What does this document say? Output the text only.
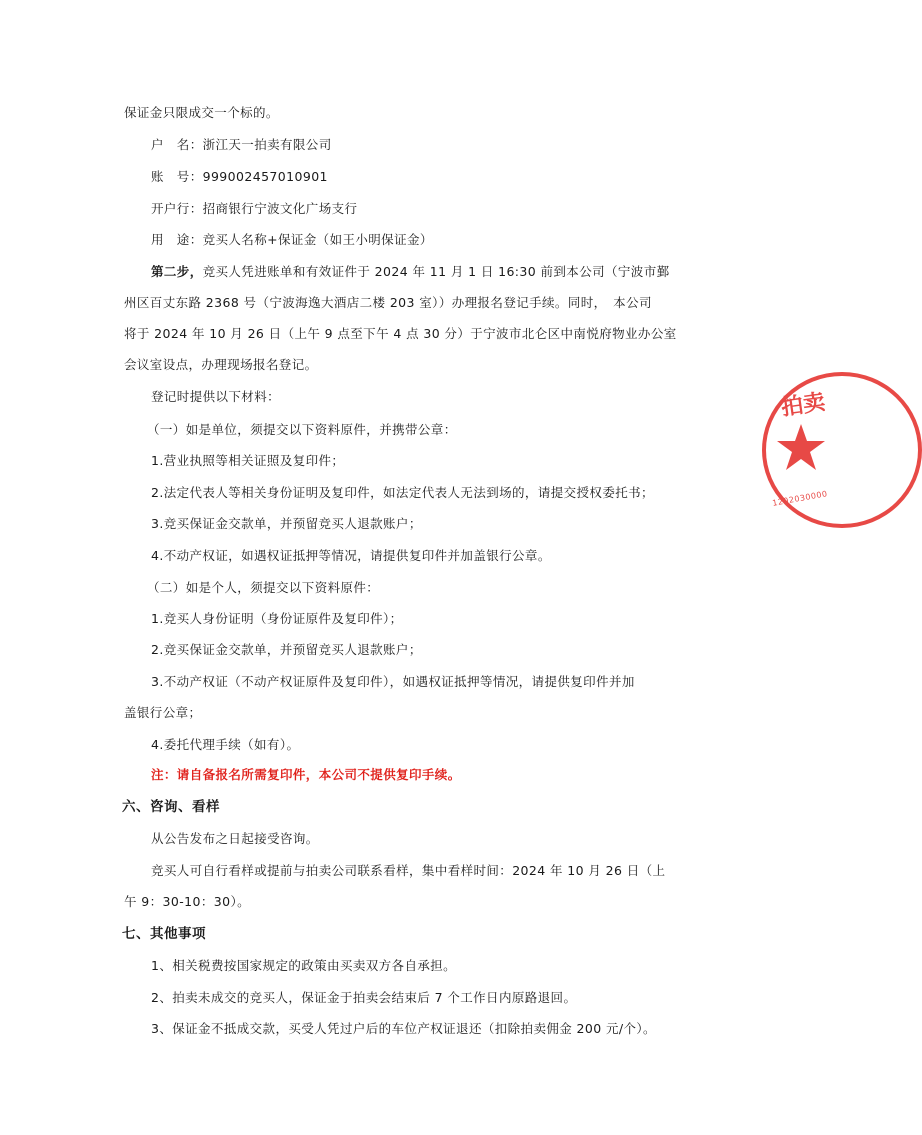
保证金只限成交一个标的。
户　名：浙江天一拍卖有限公司
账　号：999002457010901
开户行：招商银行宁波文化广场支行
用　途：竞买人名称+保证金（如王小明保证金）
第二步，竞买人凭进账单和有效证件于 2024 年 11 月 1 日 16:30 前到本公司（宁波市鄞
州区百丈东路 2368 号（宁波海逸大酒店二楼 203 室））办理报名登记手续。同时，　本公司
将于 2024 年 10 月 26 日（上午 9 点至下午 4 点 30 分）于宁波市北仑区中南悦府物业办公室
会议室设点，办理现场报名登记。
登记时提供以下材料：
（一）如是单位，须提交以下资料原件，并携带公章：
1.营业执照等相关证照及复印件；
2.法定代表人等相关身份证明及复印件，如法定代表人无法到场的，请提交授权委托书；
3.竞买保证金交款单，并预留竞买人退款账户；
4.不动产权证，如遇权证抵押等情况，请提供复印件并加盖银行公章。
（二）如是个人，须提交以下资料原件：
1.竞买人身份证明（身份证原件及复印件）；
2.竞买保证金交款单，并预留竞买人退款账户；
3.不动产权证（不动产权证原件及复印件），如遇权证抵押等情况，请提供复印件并加
盖银行公章；
4.委托代理手续（如有）。
注：请自备报名所需复印件，本公司不提供复印手续。
六、咨询、看样
从公告发布之日起接受咨询。
竞买人可自行看样或提前与拍卖公司联系看样，集中看样时间：2024 年 10 月 26 日（上
午 9：30-10：30）。
七、其他事项
1、相关税费按国家规定的政策由买卖双方各自承担。
2、拍卖未成交的竞买人，保证金于拍卖会结束后 7 个工作日内原路退回。
3、保证金不抵成交款，买受人凭过户后的车位产权证退还（扣除拍卖佣金 200 元/个）。
拍卖
1202030000
